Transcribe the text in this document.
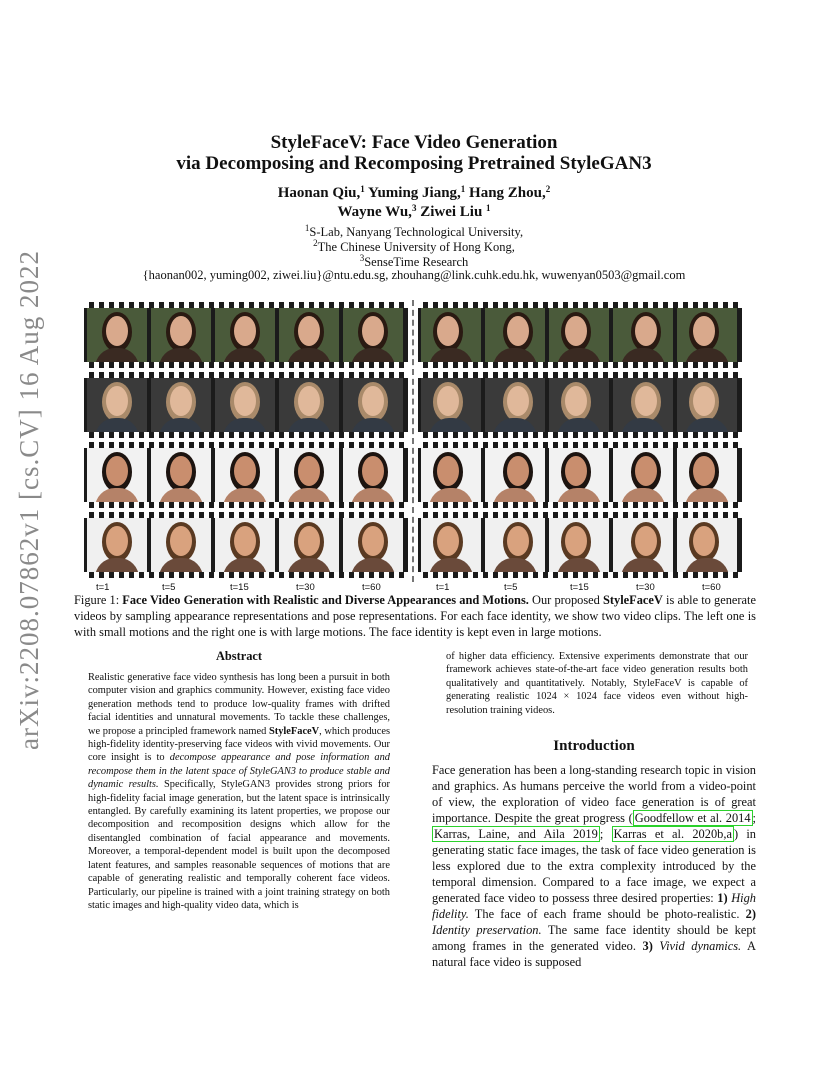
arXiv:2208.07862v1 [cs.CV] 16 Aug 2022
StyleFaceV: Face Video Generation
via Decomposing and Recomposing Pretrained StyleGAN3
Haonan Qiu,$^1$ Yuming Jiang,$^1$ Hang Zhou,$^2$
Wayne Wu,$^3$ Ziwei Liu $^1$
$^1$S-Lab, Nanyang Technological University,
$^2$The Chinese University of Hong Kong,
$^3$SenseTime Research
{haonan002, yuming002, ziwei.liu}@ntu.edu.sg, zhouhang@link.cuhk.edu.hk, wuwenyan0503@gmail.com
t=1	t=5	t=15	t=30	t=60	t=1	t=5	t=15	t=30	t=60
Figure 1: Face Video Generation with Realistic and Diverse Appearances and Motions. Our proposed StyleFaceV is able to generate videos by sampling appearance representations and pose representations. For each face identity, we show two video clips. The left one is with small motions and the right one is with large motions. The face identity is kept even in large motions.
Abstract
Realistic generative face video synthesis has long been a pursuit in both computer vision and graphics community. However, existing face video generation methods tend to produce low-quality frames with drifted facial identities and unnatural movements. To tackle these challenges, we propose a principled framework named StyleFaceV, which produces high-fidelity identity-preserving face videos with vivid movements. Our core insight is to decompose appearance and pose information and recompose them in the latent space of StyleGAN3 to produce stable and dynamic results. Specifically, StyleGAN3 provides strong priors for high-fidelity facial image generation, but the latent space is intrinsically entangled. By carefully examining its latent properties, we propose our decomposition and recomposition designs which allow for the disentangled combination of facial appearance and movements. Moreover, a temporal-dependent model is built upon the decomposed latent features, and samples reasonable sequences of motions that are capable of generating realistic and temporally coherent face videos. Particularly, our pipeline is trained with a joint training strategy on both static images and high-quality video data, which is
of higher data efficiency. Extensive experiments demonstrate that our framework achieves state-of-the-art face video generation results both qualitatively and quantitatively. Notably, StyleFaceV is capable of generating realistic 1024 × 1024 face videos even without high-resolution training videos.
Introduction
Face generation has been a long-standing research topic in vision and graphics. As humans perceive the world from a video-point of view, the exploration of video face generation is of great importance. Despite the great progress ( Goodfellow et al. 2014 ; Karras, Laine, and Aila 2019 ; Karras et al. 2020b,a ) in generating static face images, the task of face video generation is less explored due to the extra complexity introduced by the temporal dimension. Compared to a face image, we expect a generated face video to possess three desired properties: 1) High fidelity. The face of each frame should be photo-realistic. 2) Identity preservation. The same face identity should be kept among frames in the generated video. 3) Vivid dynamics. A natural face video is supposed
